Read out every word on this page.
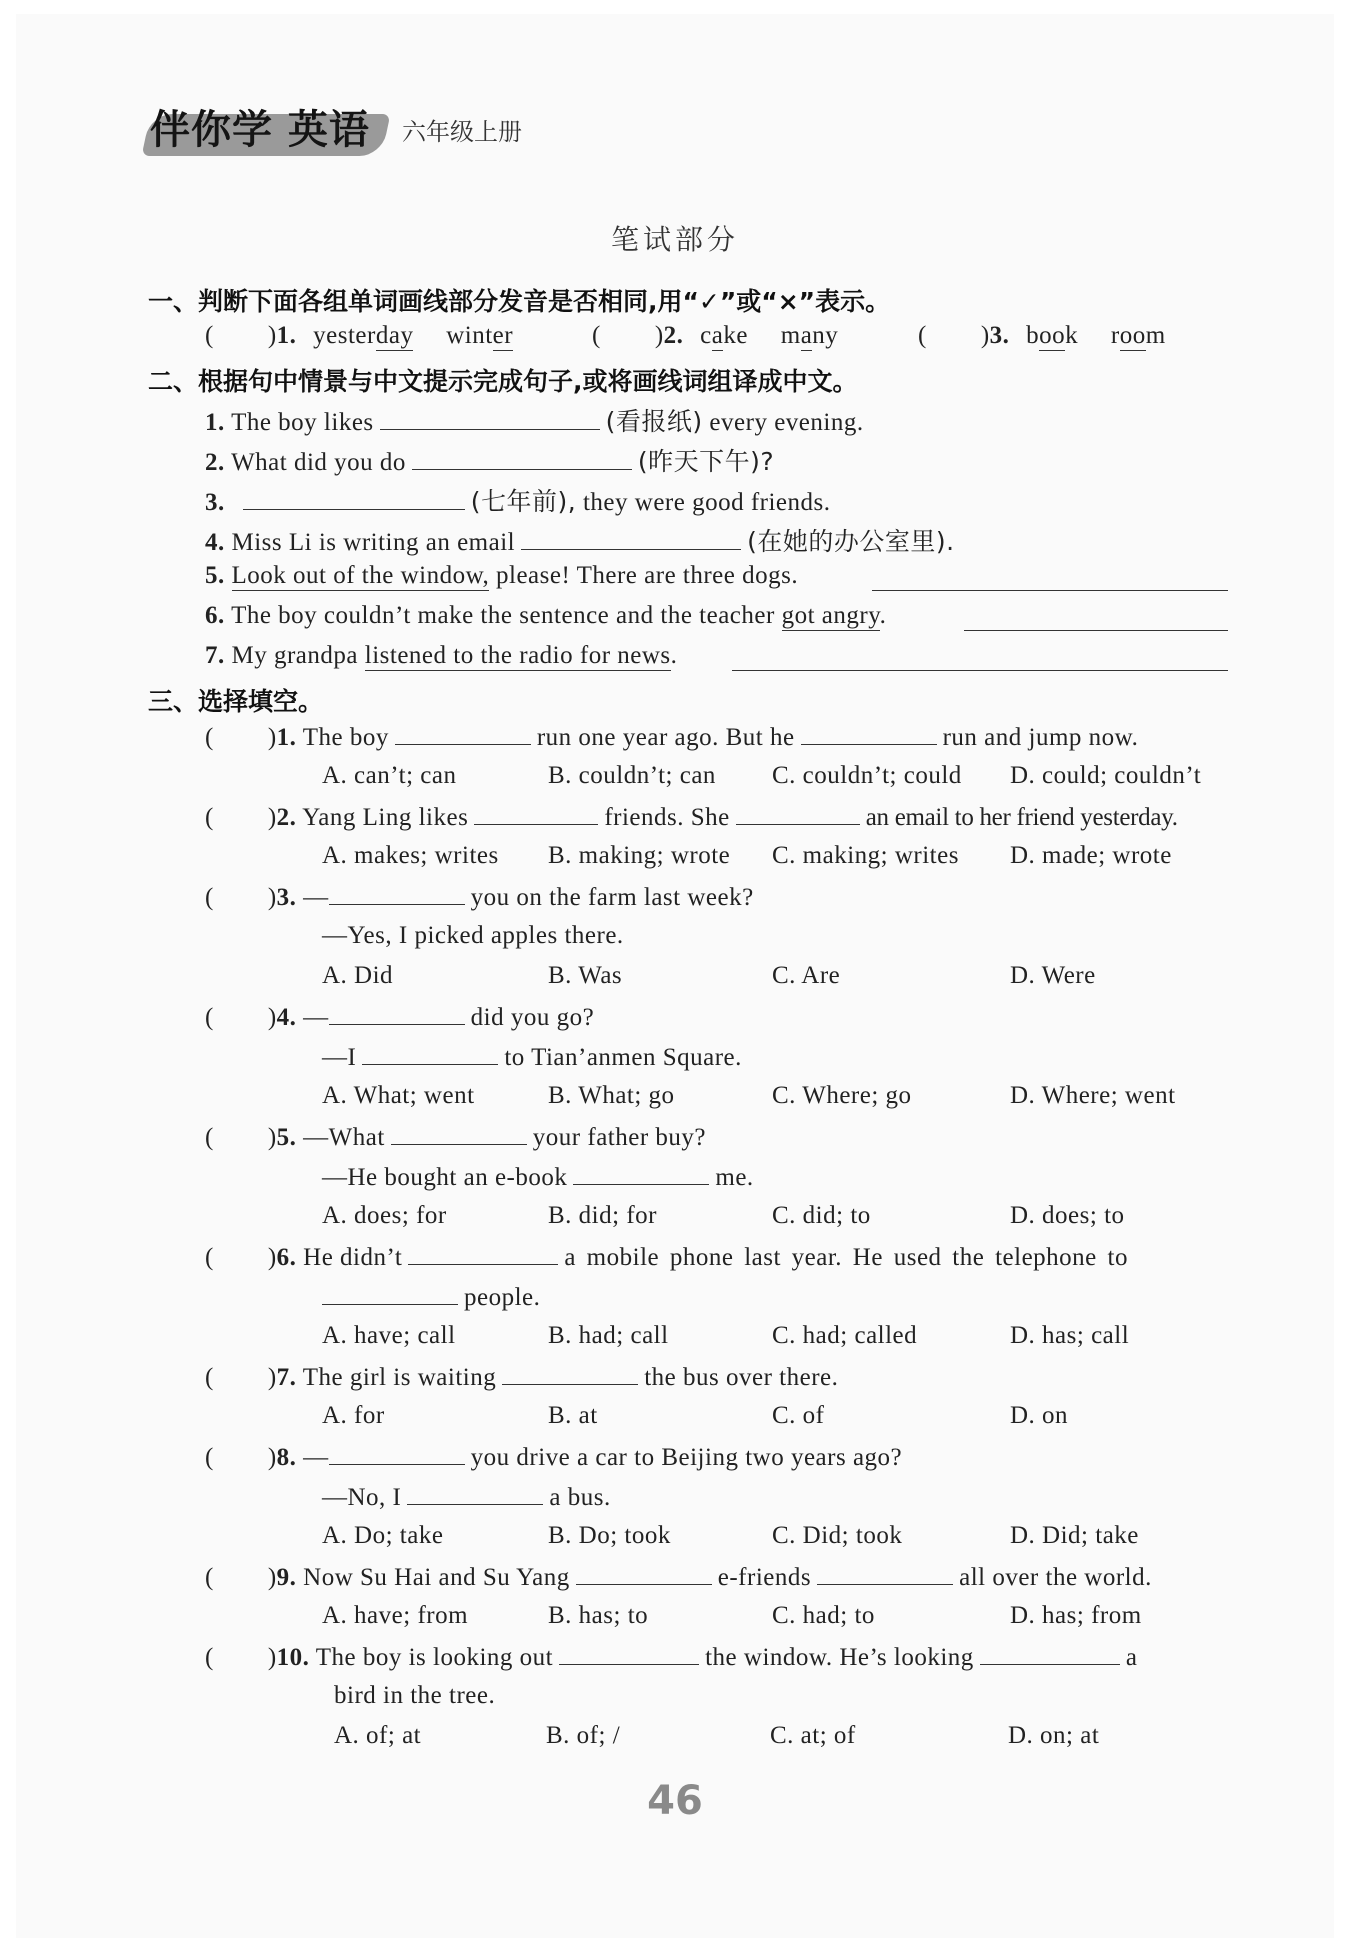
伴你学 英语 六年级上册
笔试部分
一、判断下面各组单词画线部分发音是否相同,用“✓”或“×”表示。
( )1. yesterday winter	( )2. cake many	( )3. book room
二、根据句中情景与中文提示完成句子,或将画线词组译成中文。
1. The boy likes	(看报纸) every evening.
2. What did you do	(昨天下午)?
3.	(七年前), they were good friends.
4. Miss Li is writing an email	(在她的办公室里).
5. Look out of the window, please! There are three dogs.
6. The boy couldn’t make the sentence and the teacher got angry.
7. My grandpa listened to the radio for news.
三、选择填空。
( )1. The boy	run one year ago. But he	run and jump now.
A. can’t; can	B. couldn’t; can C. couldn’t; could D. could; couldn’t
( )2. Yang Ling likes	friends. She	an email to her friend yesterday.
A. makes; writes B. making; wrote C. making; writes D. made; wrote
( )3. —	you on the farm last week?
—Yes, I picked apples there.
A. Did	B. Was	C. Are	D. Were
( )4. —	did you go?
—I	to Tian’anmen Square.
A. What; went	B. What; go	C. Where; go	D. Where; went
( )5. —What	your father buy?
—He bought an e-book	me.
A. does; for	B. did; for	C. did; to	D. does; to
( )6. He didn’t	a mobile phone last year. He used the telephone to
people.
A. have; call	B. had; call	C. had; called	D. has; call
( )7. The girl is waiting	the bus over there.
A. for	B. at	C. of	D. on
( )8. —	you drive a car to Beijing two years ago?
—No, I	a bus.
A. Do; take	B. Do; took	C. Did; took	D. Did; take
( )9. Now Su Hai and Su Yang	e-friends	all over the world.
A. have; from	B. has; to	C. had; to	D. has; from
( )10. The boy is looking out	the window. He’s looking	a
bird in the tree.
A. of; at	B. of; /	C. at; of	D. on; at
46
